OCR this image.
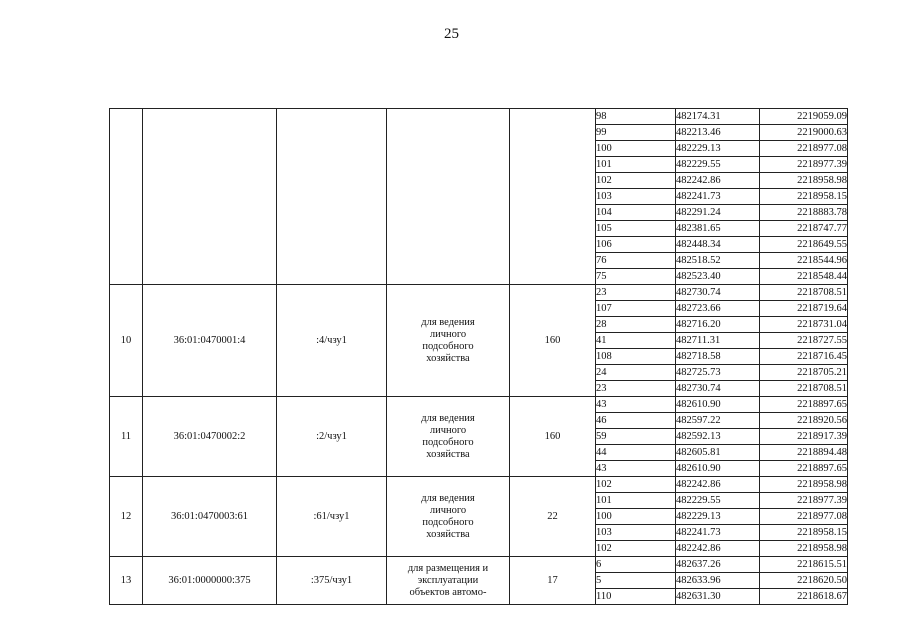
25
					98	482174.31	2219059.09
					99	482213.46	2219000.63
					100	482229.13	2218977.08
					101	482229.55	2218977.39
					102	482242.86	2218958.98
					103	482241.73	2218958.15
					104	482291.24	2218883.78
					105	482381.65	2218747.77
					106	482448.34	2218649.55
					76	482518.52	2218544.96
					75	482523.40	2218548.44
10	36:01:0470001:4	:4/чзу1	для ведения
личного
подсобного
хозяйства	160	23	482730.74	2218708.51
					107	482723.66	2218719.64
					28	482716.20	2218731.04
					41	482711.31	2218727.55
					108	482718.58	2218716.45
					24	482725.73	2218705.21
					23	482730.74	2218708.51
11	36:01:0470002:2	:2/чзу1	для ведения
личного
подсобного
хозяйства	160	43	482610.90	2218897.65
					46	482597.22	2218920.56
					59	482592.13	2218917.39
					44	482605.81	2218894.48
					43	482610.90	2218897.65
12	36:01:0470003:61	:61/чзу1	для ведения
личного
подсобного
хозяйства	22	102	482242.86	2218958.98
					101	482229.55	2218977.39
					100	482229.13	2218977.08
					103	482241.73	2218958.15
					102	482242.86	2218958.98
13	36:01:0000000:375	:375/чзу1	для размещения и
эксплуатации
объектов автомо-	17	6	482637.26	2218615.51
					5	482633.96	2218620.50
					110	482631.30	2218618.67
